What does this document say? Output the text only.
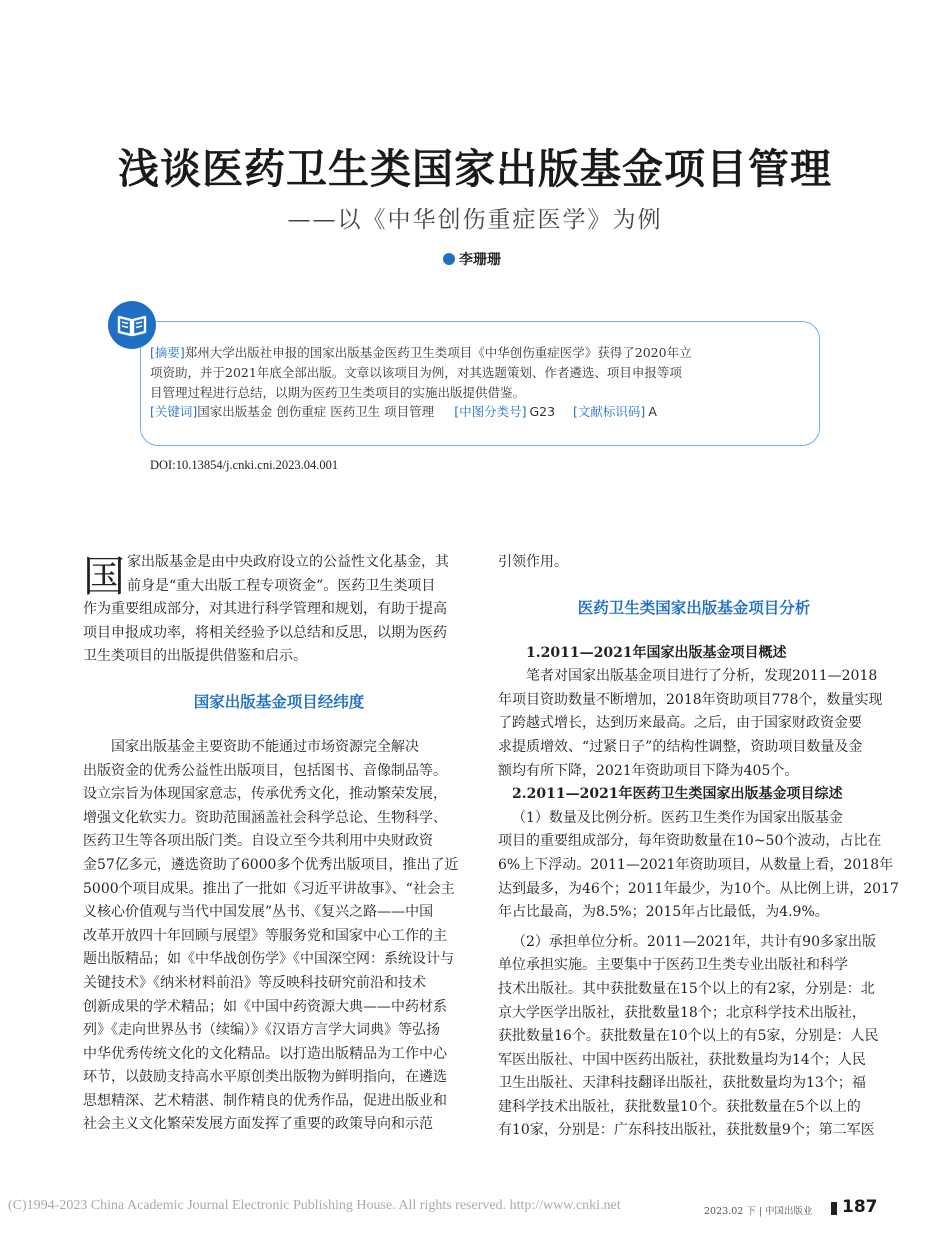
浅谈医药卫生类国家出版基金项目管理
——以《中华创伤重症医学》为例
李珊珊
[摘要]郑州大学出版社申报的国家出版基金医药卫生类项目《中华创伤重症医学》获得了2020年立
项资助，并于2021年底全部出版。文章以该项目为例，对其选题策划、作者遴选、项目申报等项
目管理过程进行总结，以期为医药卫生类项目的实施出版提供借鉴。
[关键词]国家出版基金 创伤重症 医药卫生 项目管理 [中图分类号] G23 [文献标识码] A
DOI:10.13854/j.cnki.cni.2023.04.001
国 家出版基金是由中央政府设立的公益性文化基金，其
前身是“重大出版工程专项资金”。医药卫生类项目
作为重要组成部分，对其进行科学管理和规划，有助于提高
项目申报成功率，将相关经验予以总结和反思，以期为医药
卫生类项目的出版提供借鉴和启示。
国家出版基金项目经纬度
国家出版基金主要资助不能通过市场资源完全解决
出版资金的优秀公益性出版项目，包括图书、音像制品等。
设立宗旨为体现国家意志，传承优秀文化，推动繁荣发展，
增强文化软实力。资助范围涵盖社会科学总论、生物科学、
医药卫生等各项出版门类。自设立至今共利用中央财政资
金57亿多元，遴选资助了6000多个优秀出版项目，推出了近
5000个项目成果。推出了一批如《习近平讲故事》、“社会主
义核心价值观与当代中国发展”丛书、《复兴之路——中国
改革开放四十年回顾与展望》等服务党和国家中心工作的主
题出版精品；如《中华战创伤学》《中国深空网：系统设计与
关键技术》《纳米材料前沿》等反映科技研究前沿和技术
创新成果的学术精品；如《中国中药资源大典——中药材系
列》《走向世界丛书（续编）》《汉语方言学大词典》等弘扬
中华优秀传统文化的文化精品。以打造出版精品为工作中心
环节，以鼓励支持高水平原创类出版物为鲜明指向，在遴选
思想精深、艺术精湛、制作精良的优秀作品，促进出版业和
社会主义文化繁荣发展方面发挥了重要的政策导向和示范
引领作用。
医药卫生类国家出版基金项目分析
1.2011—2021年国家出版基金项目概述
笔者对国家出版基金项目进行了分析，发现2011—2018
年项目资助数量不断增加，2018年资助项目778个，数量实现
了跨越式增长，达到历来最高。之后，由于国家财政资金要
求提质增效、“过紧日子”的结构性调整，资助项目数量及金
额均有所下降，2021年资助项目下降为405个。
2.2011—2021年医药卫生类国家出版基金项目综述
（1）数量及比例分析。医药卫生类作为国家出版基金
项目的重要组成部分，每年资助数量在10~50个波动，占比在
6%上下浮动。2011—2021年资助项目，从数量上看，2018年
达到最多，为46个；2011年最少，为10个。从比例上讲，2017
年占比最高，为8.5%；2015年占比最低，为4.9%。
（2）承担单位分析。2011—2021年，共计有90多家出版
单位承担实施。主要集中于医药卫生类专业出版社和科学
技术出版社。其中获批数量在15个以上的有2家，分别是：北
京大学医学出版社，获批数量18个；北京科学技术出版社，
获批数量16个。获批数量在10个以上的有5家，分别是：人民
军医出版社、中国中医药出版社，获批数量均为14个；人民
卫生出版社、天津科技翻译出版社，获批数量均为13个；福
建科学技术出版社，获批数量10个。获批数量在5个以上的
有10家，分别是：广东科技出版社，获批数量9个；第二军医
(C)1994-2023 China Academic Journal Electronic Publishing House. All rights reserved. http://www.cnki.net	2023.02 下 | 中国出版业 187
